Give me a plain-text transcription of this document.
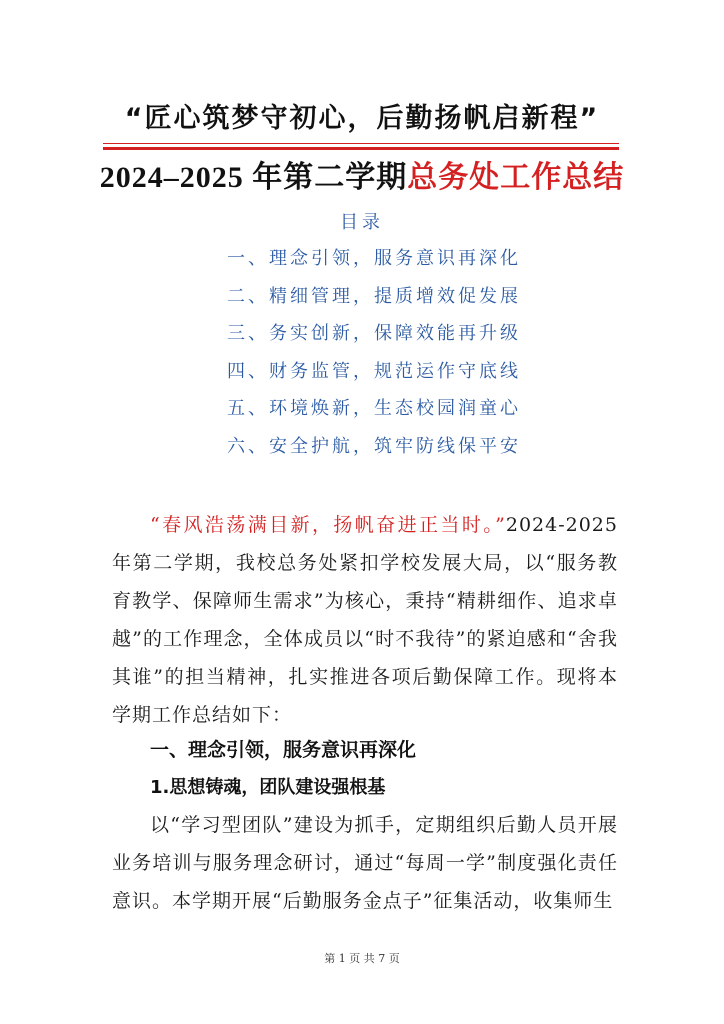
“匠心筑梦守初心，后勤扬帆启新程”
2024–2025 年第二学期总务处工作总结
目录
一、理念引领，服务意识再深化
二、精细管理，提质增效促发展
三、务实创新，保障效能再升级
四、财务监管，规范运作守底线
五、环境焕新，生态校园润童心
六、安全护航，筑牢防线保平安
“春风浩荡满目新，扬帆奋进正当时。”2024-2025 年第二学期，我校总务处紧扣学校发展大局，以“服务教育教学、保障师生需求”为核心，秉持“精耕细作、追求卓越”的工作理念，全体成员以“时不我待”的紧迫感和“舍我其谁”的担当精神，扎实推进各项后勤保障工作。现将本学期工作总结如下：
一、理念引领，服务意识再深化
1.思想铸魂，团队建设强根基
以“学习型团队”建设为抓手，定期组织后勤人员开展业务培训与服务理念研讨，通过“每周一学”制度强化责任意识。本学期开展“后勤服务金点子”征集活动，收集师生
第 1 页 共 7 页
